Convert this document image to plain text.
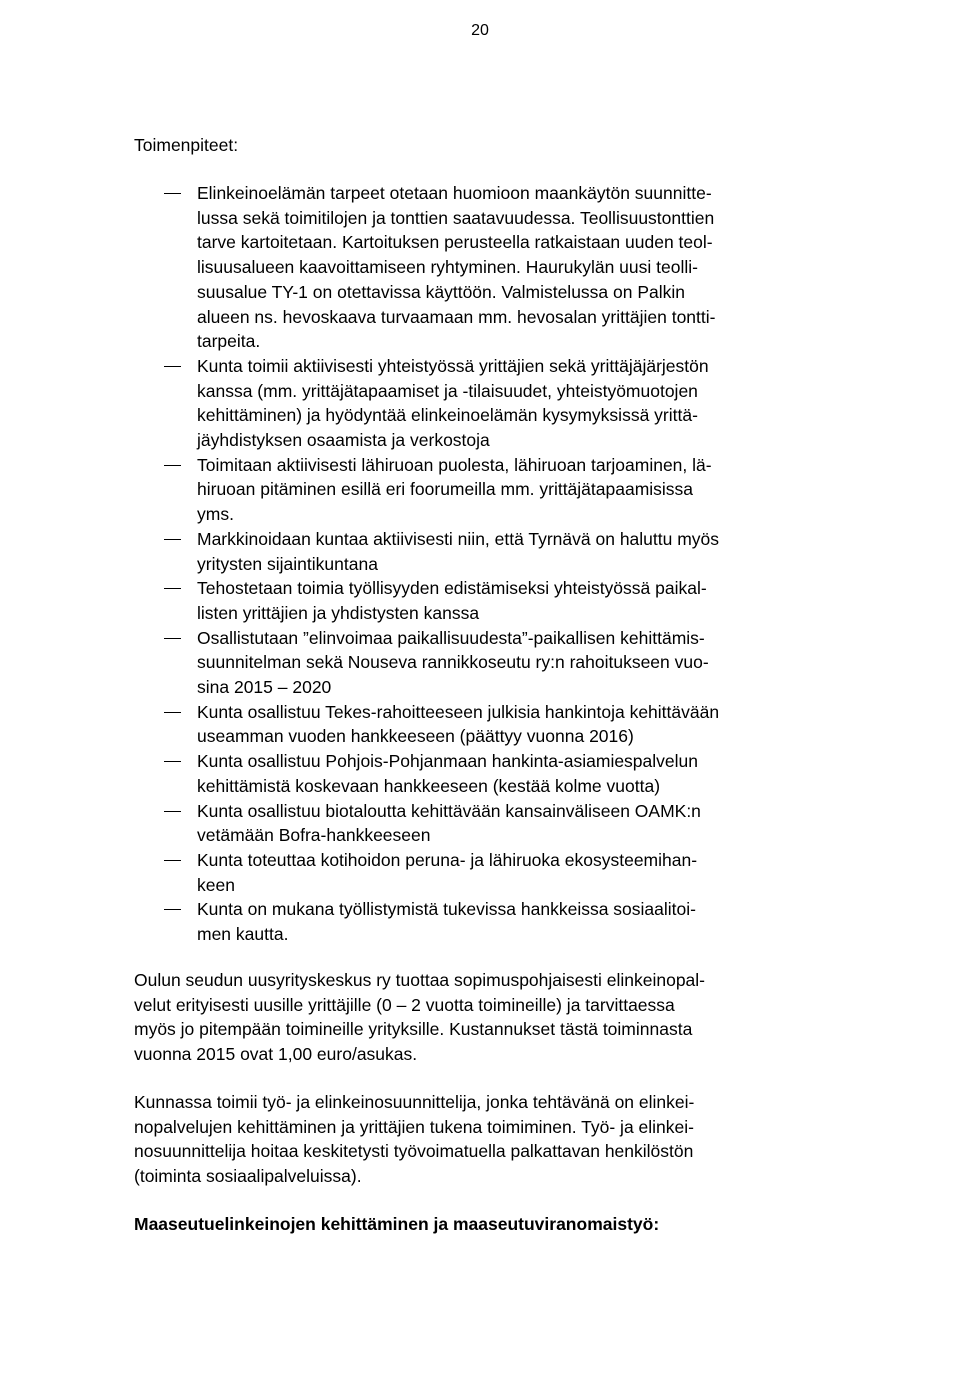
20
Toimenpiteet:
Elinkeinoelämän tarpeet otetaan huomioon maankäytön suunnitte-
lussa sekä toimitilojen ja tonttien saatavuudessa. Teollisuustonttien
tarve kartoitetaan. Kartoituksen perusteella ratkaistaan uuden teol-
lisuusalueen kaavoittamiseen ryhtyminen. Haurukylän uusi teolli-
suusalue TY-1 on otettavissa käyttöön. Valmistelussa on Palkin
alueen ns. hevoskaava turvaamaan mm. hevosalan yrittäjien tontti-
tarpeita.
Kunta toimii aktiivisesti yhteistyössä yrittäjien sekä yrittäjäjärjestön
kanssa (mm. yrittäjätapaamiset ja -tilaisuudet, yhteistyömuotojen
kehittäminen) ja hyödyntää elinkeinoelämän kysymyksissä yrittä-
jäyhdistyksen osaamista ja verkostoja
Toimitaan aktiivisesti lähiruoan puolesta, lähiruoan tarjoaminen, lä-
hiruoan pitäminen esillä eri foorumeilla mm. yrittäjätapaamisissa
yms.
Markkinoidaan kuntaa aktiivisesti niin, että Tyrnävä on haluttu myös
yritysten sijaintikuntana
Tehostetaan toimia työllisyyden edistämiseksi yhteistyössä paikal-
listen yrittäjien ja yhdistysten kanssa
Osallistutaan ”elinvoimaa paikallisuudesta”-paikallisen kehittämis-
suunnitelman sekä Nouseva rannikkoseutu ry:n rahoitukseen vuo-
sina 2015 – 2020
Kunta osallistuu Tekes-rahoitteeseen julkisia hankintoja kehittävään
useamman vuoden hankkeeseen (päättyy vuonna 2016)
Kunta osallistuu Pohjois-Pohjanmaan hankinta-asiamiespalvelun
kehittämistä koskevaan hankkeeseen (kestää kolme vuotta)
Kunta osallistuu biotaloutta kehittävään kansainväliseen OAMK:n
vetämään Bofra-hankkeeseen
Kunta toteuttaa kotihoidon peruna- ja lähiruoka ekosysteemihan-
keen
Kunta on mukana työllistymistä tukevissa hankkeissa sosiaalitoi-
men kautta.
Oulun seudun uusyrityskeskus ry tuottaa sopimuspohjaisesti elinkeinopal-
velut erityisesti uusille yrittäjille (0 – 2 vuotta toimineille) ja tarvittaessa
myös jo pitempään toimineille yrityksille. Kustannukset tästä toiminnasta
vuonna 2015 ovat 1,00 euro/asukas.
Kunnassa toimii työ- ja elinkeinosuunnittelija, jonka tehtävänä on elinkei-
nopalvelujen kehittäminen ja yrittäjien tukena toimiminen. Työ- ja elinkei-
nosuunnittelija hoitaa keskitetysti työvoimatuella palkattavan henkilöstön
(toiminta sosiaalipalveluissa).
Maaseutuelinkeinojen kehittäminen ja maaseutuviranomaistyö:
